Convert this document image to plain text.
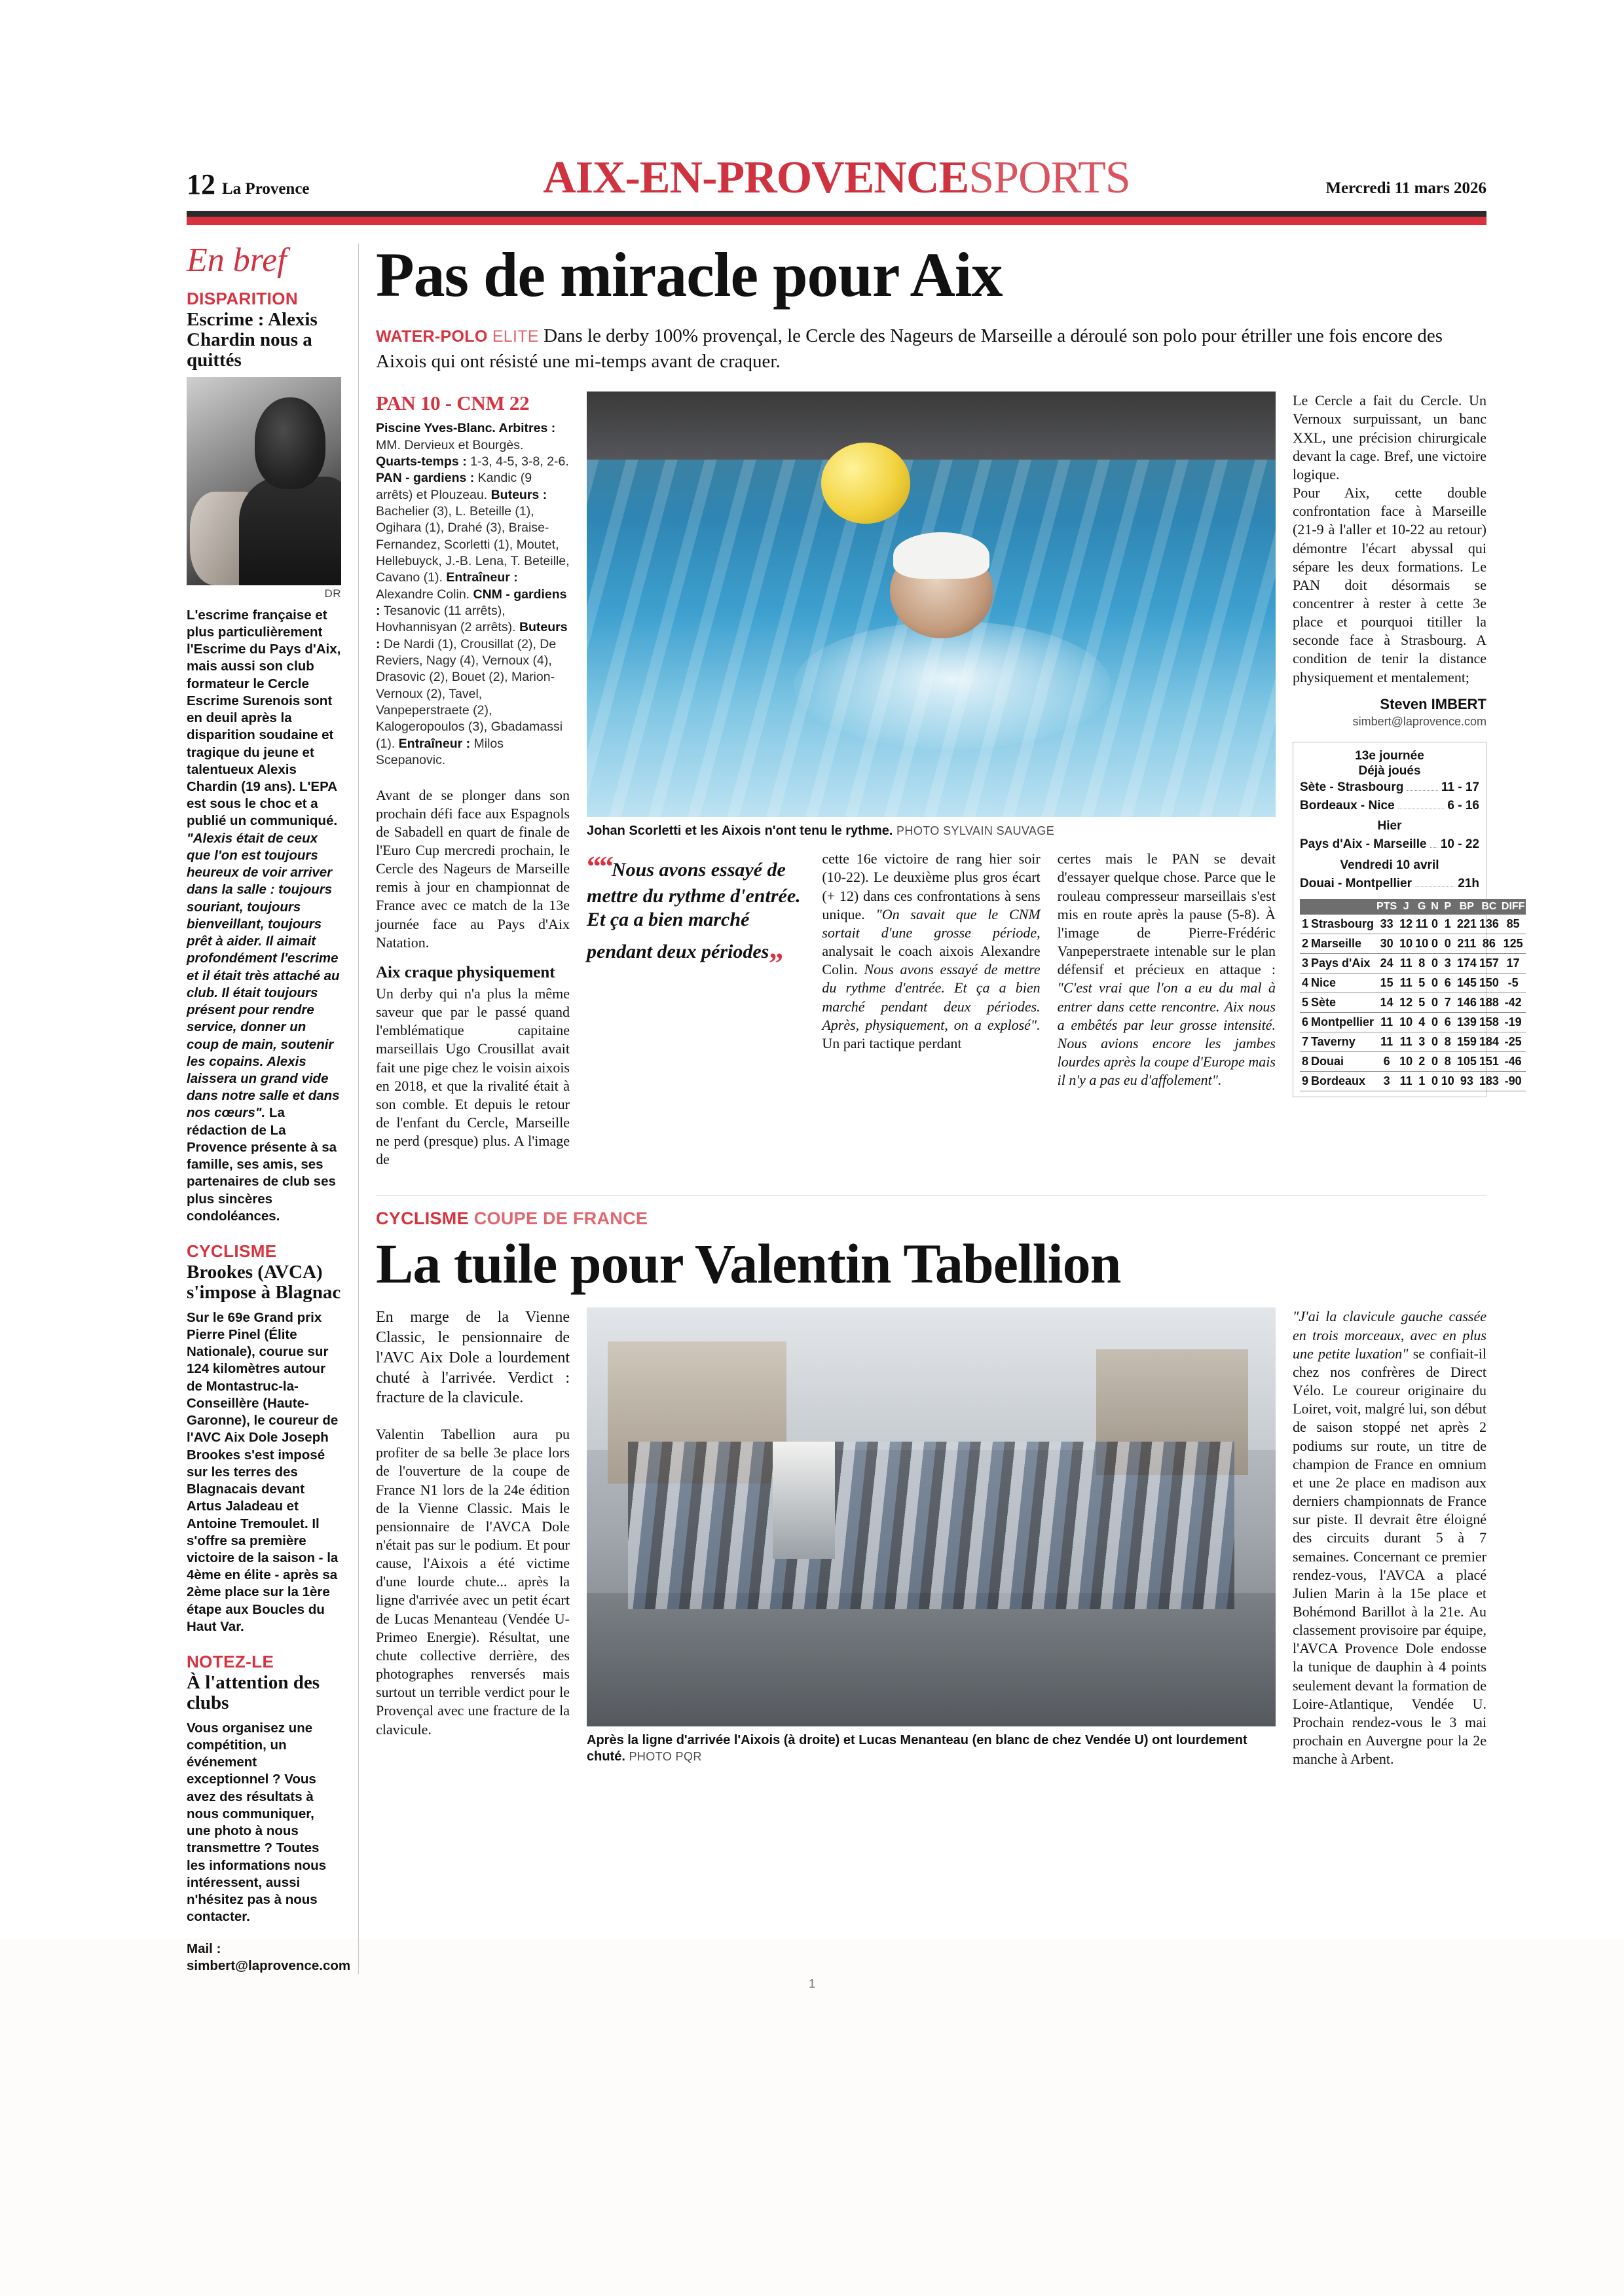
12 La Provence	AIX-EN-PROVENCESPORTS	Mercredi 11 mars 2026
En bref
DISPARITION
Escrime : Alexis Chardin nous a quittés
DR
L'escrime française et plus particulièrement l'Escrime du Pays d'Aix, mais aussi son club formateur le Cercle Escrime Surenois sont en deuil après la disparition soudaine et tragique du jeune et talentueux Alexis Chardin (19 ans). L'EPA est sous le choc et a publié un communiqué. "Alexis était de ceux que l'on est toujours heureux de voir arriver dans la salle : toujours souriant, toujours bienveillant, toujours prêt à aider. Il aimait profondément l'escrime et il était très attaché au club. Il était toujours présent pour rendre service, donner un coup de main, soutenir les copains. Alexis laissera un grand vide dans notre salle et dans nos cœurs". La rédaction de La Provence présente à sa famille, ses amis, ses partenaires de club ses plus sincères condoléances.
CYCLISME
Brookes (AVCA) s'impose à Blagnac
Sur le 69e Grand prix Pierre Pinel (Élite Nationale), courue sur 124 kilomètres autour de Montastruc-la-Conseillère (Haute-Garonne), le coureur de l'AVC Aix Dole Joseph Brookes s'est imposé sur les terres des Blagnacais devant Artus Jaladeau et Antoine Tremoulet. Il s'offre sa première victoire de la saison - la 4ème en élite - après sa 2ème place sur la 1ère étape aux Boucles du Haut Var.
NOTEZ-LE
À l'attention des clubs
Vous organisez une compétition, un événement exceptionnel ? Vous avez des résultats à nous communiquer, une photo à nous transmettre ? Toutes les informations nous intéressent, aussi n'hésitez pas à nous contacter.
Mail : simbert@laprovence.com
Pas de miracle pour Aix
WATER-POLO ELITE Dans le derby 100% provençal, le Cercle des Nageurs de Marseille a déroulé son polo pour étriller une fois encore des Aixois qui ont résisté une mi-temps avant de craquer.
PAN 10 - CNM 22
Piscine Yves-Blanc. Arbitres : MM. Dervieux et Bourgès. Quarts-temps : 1-3, 4-5, 3-8, 2-6. PAN - gardiens : Kandic (9 arrêts) et Plouzeau. Buteurs : Bachelier (3), L. Beteille (1), Ogihara (1), Drahé (3), Braise-Fernandez, Scorletti (1), Moutet, Hellebuyck, J.-B. Lena, T. Beteille, Cavano (1). Entraîneur : Alexandre Colin. CNM - gardiens : Tesanovic (11 arrêts), Hovhannisyan (2 arrêts). Buteurs : De Nardi (1), Crousillat (2), De Reviers, Nagy (4), Vernoux (4), Drasovic (2), Bouet (2), Marion-Vernoux (2), Tavel, Vanpeperstraete (2), Kalogeropoulos (3), Gbadamassi (1). Entraîneur : Milos Scepanovic.

Avant de se plonger dans son prochain défi face aux Espagnols de Sabadell en quart de finale de l'Euro Cup mercredi prochain, le Cercle des Nageurs de Marseille remis à jour en championnat de France avec ce match de la 13e journée face au Pays d'Aix Natation.

Aix craque physiquement

Un derby qui n'a plus la même saveur que par le passé quand l'emblématique capitaine marseillais Ugo Crousillat avait fait une pige chez le voisin aixois en 2018, et que la rivalité était à son comble. Et depuis le retour de l'enfant du Cercle, Marseille ne perd (presque) plus. A l'image de

Johan Scorletti et les Aixois n'ont tenu le rythme. PHOTO SYLVAIN SAUVAGE
““Nous avons essayé de mettre du rythme d'entrée. Et ça a bien marché pendant deux périodes„

cette 16e victoire de rang hier soir (10-22). Le deuxième plus gros écart (+ 12) dans ces confrontations à sens unique. "On savait que le CNM sortait d'une grosse période, analysait le coach aixois Alexandre Colin. Nous avons essayé de mettre du rythme d'entrée. Et ça a bien marché pendant deux périodes. Après, physiquement, on a explosé". Un pari tactique perdant

certes mais le PAN se devait d'essayer quelque chose. Parce que le rouleau compresseur marseillais s'est mis en route après la pause (5-8). À l'image de Pierre-Frédéric Vanpeperstraete intenable sur le plan défensif et précieux en attaque : "C'est vrai que l'on a eu du mal à entrer dans cette rencontre. Aix nous a embêtés par leur grosse intensité. Nous avions encore les jambes lourdes après la coupe d'Europe mais il n'y a pas eu d'affolement".

Le Cercle a fait du Cercle. Un Vernoux surpuissant, un banc XXL, une précision chirurgicale devant la cage. Bref, une victoire logique.

Pour Aix, cette double confrontation face à Marseille (21-9 à l'aller et 10-22 au retour) démontre l'écart abyssal qui sépare les deux formations. Le PAN doit désormais se concentrer à rester à cette 3e place et pourquoi titiller la seconde face à Strasbourg. A condition de tenir la distance physiquement et mentalement;

Steven IMBERT
simbert@laprovence.com
13e journée
Déjà joués
Sète - Strasbourg	11 - 17
Bordeaux - Nice	6 - 16
Hier
Pays d'Aix - Marseille 10 - 22
Vendredi 10 avril
Douai - Montpellier	21h
		PTS	J	G	N	P	BP	BC	DIFF
1	Strasbourg	33	12	11	0	1	221	136	85
2	Marseille	30	10	10	0	0	211	86	125
3	Pays d'Aix	24	11	8	0	3	174	157	17
4	Nice	15	11	5	0	6	145	150	-5
5	Sète	14	12	5	0	7	146	188	-42
6	Montpellier	11	10	4	0	6	139	158	-19
7	Taverny	11	11	3	0	8	159	184	-25
8	Douai	6	10	2	0	8	105	151	-46
9	Bordeaux	3	11	1	0	10	93	183	-90
CYCLISME COUPE DE FRANCE
La tuile pour Valentin Tabellion
En marge de la Vienne Classic, le pensionnaire de l'AVC Aix Dole a lourdement chuté à l'arrivée. Verdict : fracture de la clavicule.
Valentin Tabellion aura pu profiter de sa belle 3e place lors de l'ouverture de la coupe de France N1 lors de la 24e édition de la Vienne Classic. Mais le pensionnaire de l'AVCA Dole n'était pas sur le podium. Et pour cause, l'Aixois a été victime d'une lourde chute... après la ligne d'arrivée avec un petit écart de Lucas Menanteau (Vendée U-Primeo Energie). Résultat, une chute collective derrière, des photographes renversés mais surtout un terrible verdict pour le Provençal avec une fracture de la clavicule.
Après la ligne d'arrivée l'Aixois (à droite) et Lucas Menanteau (en blanc de chez Vendée U) ont lourdement chuté. PHOTO PQR
"J'ai la clavicule gauche cassée en trois morceaux, avec en plus une petite luxation" se confiait-il chez nos confrères de Direct Vélo. Le coureur originaire du Loiret, voit, malgré lui, son début de saison stoppé net après 2 podiums sur route, un titre de champion de France en omnium et une 2e place en madison aux derniers championnats de France sur piste. Il devrait être éloigné des circuits durant 5 à 7 semaines. Concernant ce premier rendez-vous, l'AVCA a placé Julien Marin à la 15e place et Bohémond Barillot à la 21e. Au classement provisoire par équipe, l'AVCA Provence Dole endosse la tunique de dauphin à 4 points seulement devant la formation de Loire-Atlantique, Vendée U. Prochain rendez-vous le 3 mai prochain en Auvergne pour la 2e manche à Arbent.
1
